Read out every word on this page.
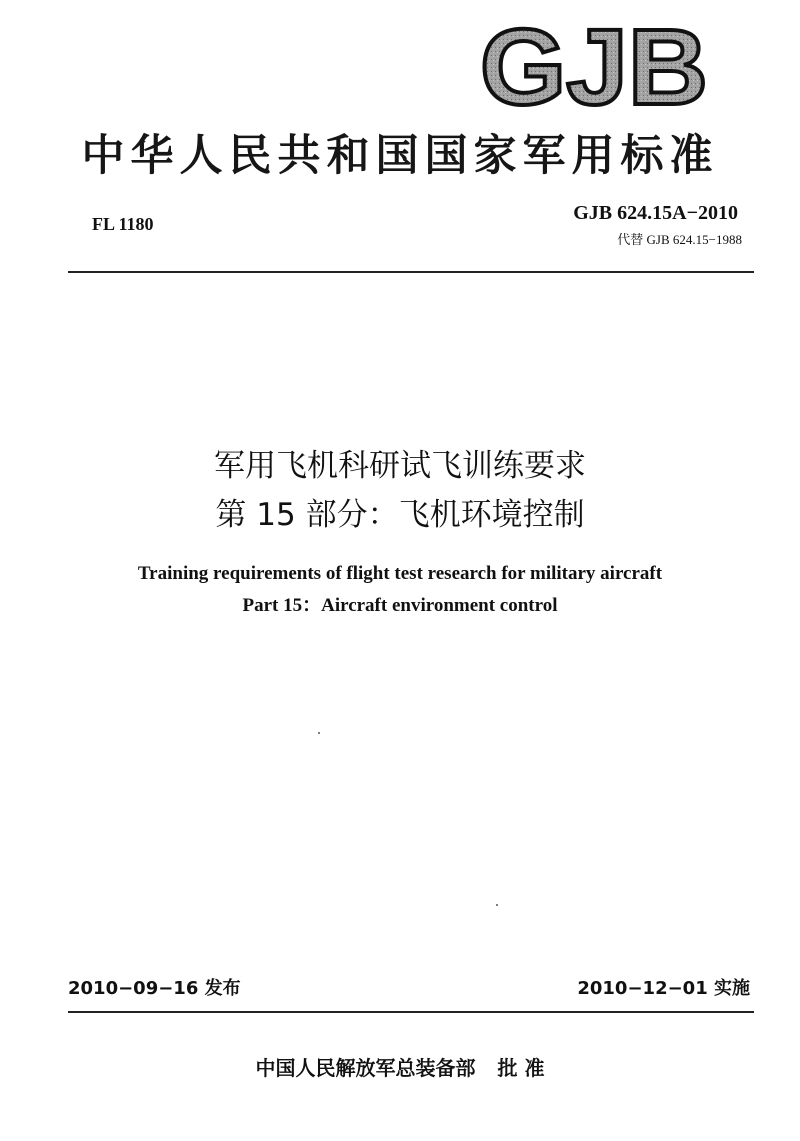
GJB
中华人民共和国国家军用标准
FL 1180	GJB 624.15A−2010
代替 GJB 624.15−1988
军用飞机科研试飞训练要求
第 15 部分：飞机环境控制
Training requirements of flight test research for military aircraft
Part 15：Aircraft environment control
2010−09−16 发布	2010−12−01 实施
中国人民解放军总装备部 批 准
